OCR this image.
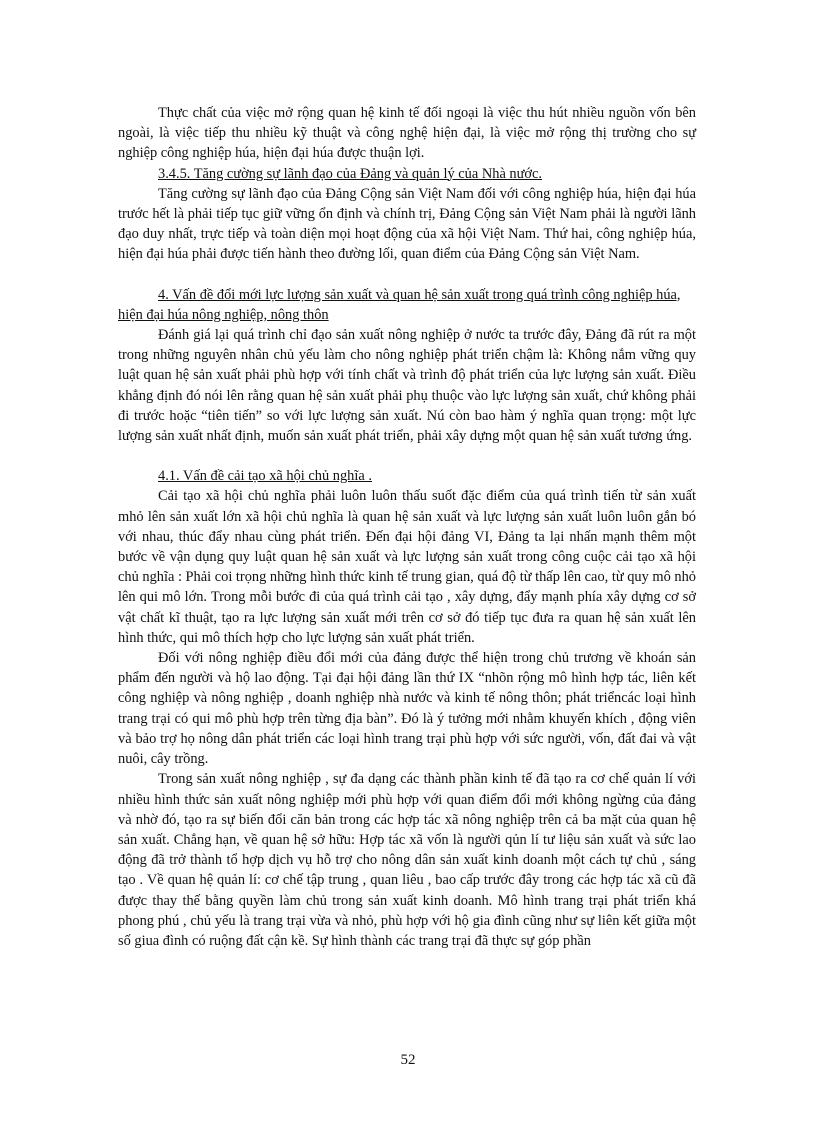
Thực chất của việc mở rộng quan hệ kinh tế đối ngoại là việc thu hút nhiều nguồn vốn bên ngoài, là việc tiếp thu nhiều kỹ thuật và công nghệ hiện đại, là việc mở rộng thị trường cho sự nghiệp công nghiệp húa, hiện đại húa được thuận lợi.

3.4.5. Tăng cường sự lãnh đạo của Đảng và quản lý của Nhà nước.

Tăng cường sự lãnh đạo của Đảng Cộng sản Việt Nam đối với công nghiệp húa, hiện đại húa trước hết là phải tiếp tục giữ vững ổn định và chính trị, Đảng Cộng sản Việt Nam phải là người lãnh đạo duy nhất, trực tiếp và toàn diện mọi hoạt động của xã hội Việt Nam. Thứ hai, công nghiệp húa, hiện đại húa phải được tiến hành theo đường lối, quan điểm của Đảng Cộng sản Việt Nam.

4. Vấn đề đổi mới lực lượng sản xuất và quan hệ sản xuất trong quá trình công nghiệp húa, hiện đại húa nông nghiệp, nông thôn

Đánh giá lại quá trình chỉ đạo sản xuất nông nghiệp ở nước ta trước đây, Đảng đã rút ra một trong những nguyên nhân chủ yếu làm cho nông nghiệp phát triển chậm là: Không nắm vững quy luật quan hệ sản xuất phải phù hợp với tính chất và trình độ phát triển của lực lượng sản xuất. Điều khẳng định đó nói lên rằng quan hệ sản xuất phải phụ thuộc vào lực lượng sản xuất, chứ không phải đi trước hoặc “tiên tiến” so với lực lượng sản xuất. Nú còn bao hàm ý nghĩa quan trọng: một lực lượng sản xuất nhất định, muốn sản xuất phát triển, phải xây dựng một quan hệ sản xuất tương ứng.

4.1. Vấn đề cải tạo xã hội chủ nghĩa .

Cải tạo xã hội chủ nghĩa phải luôn luôn thấu suốt đặc điểm của quá trình tiến từ sản xuất mhỏ lên sản xuất lớn xã hội chủ nghĩa là quan hệ sản xuất và lực lượng sản xuất luôn luôn gắn bó với nhau, thúc đẩy nhau cùng phát triển. Đến đại hội đảng VI, Đảng ta lại nhấn mạnh thêm một bước về vận dụng quy luật quan hệ sản xuất và lực lượng sản xuất trong công cuộc cải tạo xã hội chủ nghĩa : Phải coi trọng những hình thức kinh tế trung gian, quá độ từ thấp lên cao, từ quy mô nhỏ lên qui mô lớn. Trong mỗi bước đi của quá trình cải tạo , xây dựng, đẩy mạnh phía xây dựng cơ sở vật chất kĩ thuật, tạo ra lực lượng sản xuất mới trên cơ sở đó tiếp tục đưa ra quan hệ sản xuất lên hình thức, qui mô thích hợp cho lực lượng sản xuất phát triển.

Đối với nông nghiệp điều đổi mới của đảng được thể hiện trong chủ trương về khoán sản phẩm đến người và hộ lao động. Tại đại hội đảng lần thứ IX “nhõn rộng mô hình hợp tác, liên kết công nghiệp và nông nghiệp , doanh nghiệp nhà nước và kinh tế nông thôn; phát triểncác loại hình trang trại có qui mô phù hợp trên từng địa bàn”. Đó là ý tưởng mới nhằm khuyến khích , động viên và bảo trợ họ nông dân phát triển các loại hình trang trại phù hợp với sức người, vốn, đất đai và vật nuôi, cây trồng.

Trong sản xuất nông nghiệp , sự đa dạng các thành phần kinh tế đã tạo ra cơ chế quản lí với nhiều hình thức sản xuất nông nghiệp mới phù hợp với quan điểm đổi mới không ngừng của đảng và nhờ đó, tạo ra sự biến đổi căn bản trong các hợp tác xã nông nghiệp trên cả ba mặt của quan hệ sản xuất. Chẳng hạn, về quan hệ sở hữu: Hợp tác xã vốn là người qủn lí tư liệu sản xuất và sức lao động đã trở thành tổ hợp dịch vụ hỗ trợ cho nông dân sản xuất kinh doanh một cách tự chủ , sáng tạo . Về quan hệ quản lí: cơ chế tập trung , quan liêu , bao cấp trước đây trong các hợp tác xã cũ đã được thay thế bằng quyền làm chủ trong sản xuất kinh doanh. Mô hình trang trại phát triển khá phong phú , chủ yếu là trang trại vừa và nhỏ, phù hợp với hộ gia đình cũng như sự liên kết giữa một số giua đình có ruộng đất cận kề. Sự hình thành các trang trại đã thực sự góp phần

52
